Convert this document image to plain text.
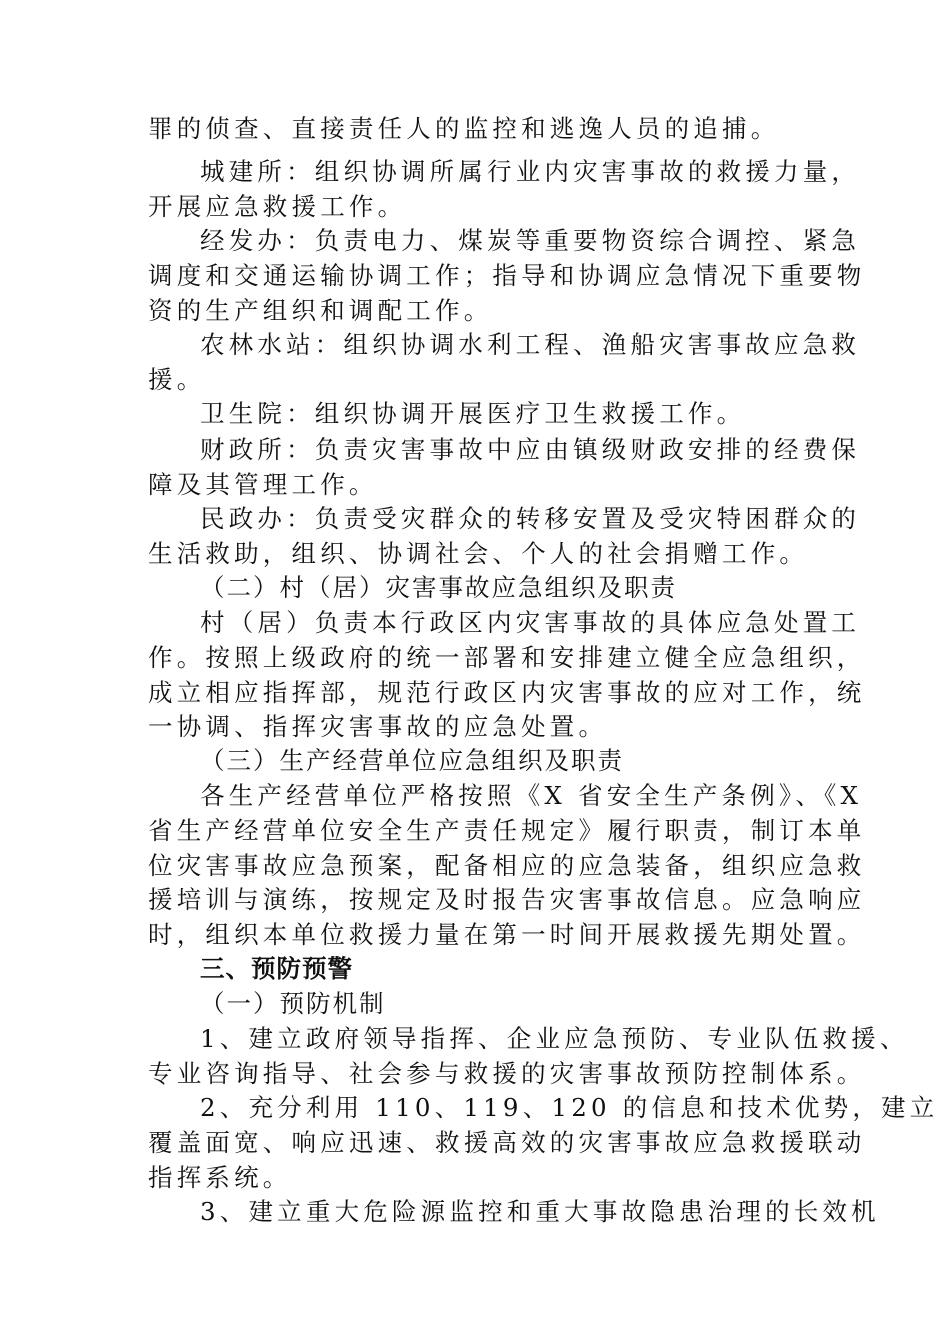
罪的侦查、直接责任人的监控和逃逸人员的追捕。

城建所：组织协调所属行业内灾害事故的救援力量，
开展应急救援工作。

经发办：负责电力、煤炭等重要物资综合调控、紧急
调度和交通运输协调工作；指导和协调应急情况下重要物
资的生产组织和调配工作。

农林水站：组织协调水利工程、渔船灾害事故应急救
援。

卫生院：组织协调开展医疗卫生救援工作。

财政所：负责灾害事故中应由镇级财政安排的经费保
障及其管理工作。

民政办：负责受灾群众的转移安置及受灾特困群众的
生活救助，组织、协调社会、个人的社会捐赠工作。

（二）村（居）灾害事故应急组织及职责

村（居）负责本行政区内灾害事故的具体应急处置工
作。按照上级政府的统一部署和安排建立健全应急组织，
成立相应指挥部，规范行政区内灾害事故的应对工作，统
一协调、指挥灾害事故的应急处置。

（三）生产经营单位应急组织及职责

各生产经营单位严格按照《X 省安全生产条例》、《X
省生产经营单位安全生产责任规定》履行职责，制订本单
位灾害事故应急预案，配备相应的应急装备，组织应急救
援培训与演练，按规定及时报告灾害事故信息。应急响应
时，组织本单位救援力量在第一时间开展救援先期处置。

三、预防预警
（一）预防机制

1、建立政府领导指挥、企业应急预防、专业队伍救援、
专业咨询指导、社会参与救援的灾害事故预防控制体系。

2、充分利用 110、119、120 的信息和技术优势，建立
覆盖面宽、响应迅速、救援高效的灾害事故应急救援联动
指挥系统。

3、建立重大危险源监控和重大事故隐患治理的长效机
